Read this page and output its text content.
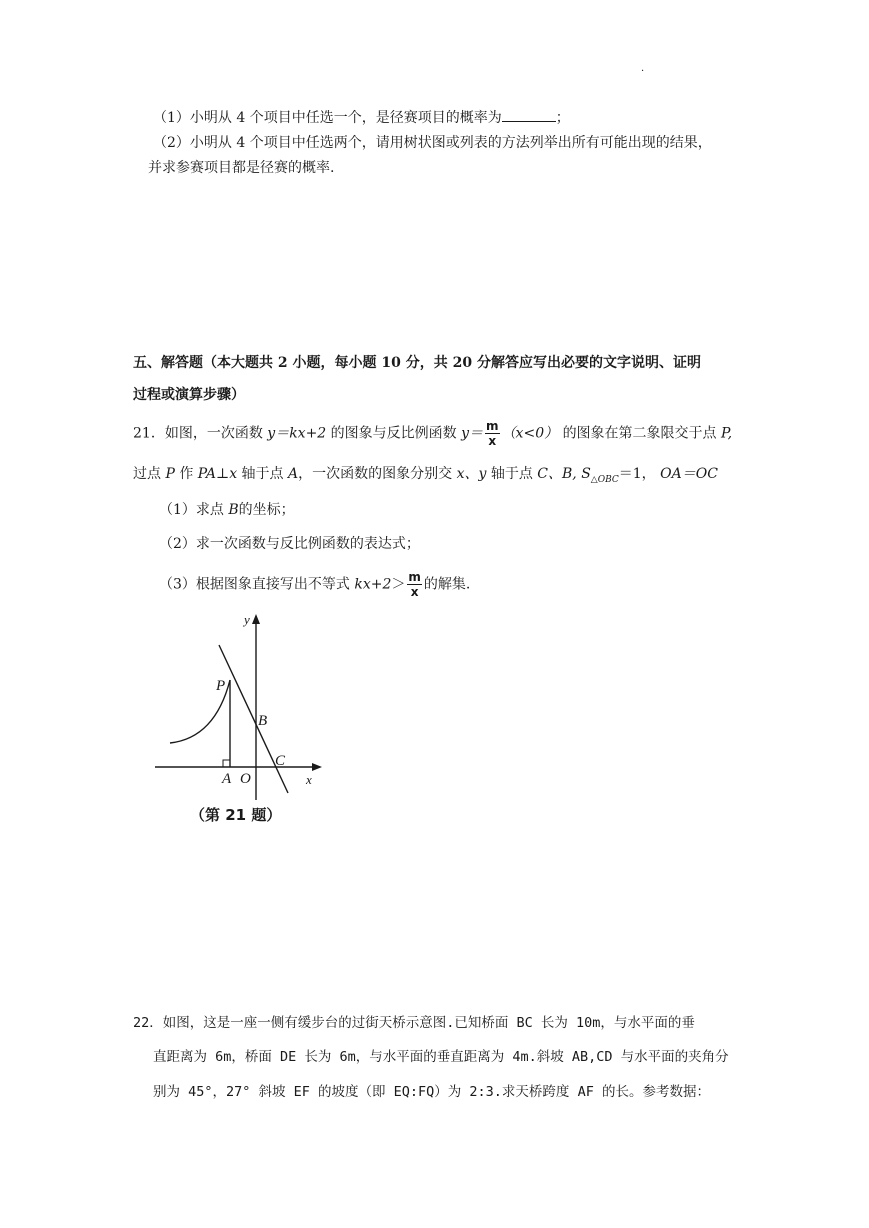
·
（1）小明从 4 个项目中任选一个，是径赛项目的概率为	；
（2）小明从 4 个项目中任选两个，请用树状图或列表的方法列举出所有可能出现的结果，
并求参赛项目都是径赛的概率.
五、解答题（本大题共 2 小题，每小题 10 分，共 20 分解答应写出必要的文字说明、证明
过程或演算步骤）
21．如图，一次函数 y＝kx+2 的图象与反比例函数 $y= \frac{m}{x} (x<0)$ 的图象在第二象限交于点 P,
过点 P 作 PA⊥x 轴于点 A，一次函数的图象分别交 x、y 轴于点 C、B, $S_{\triangle OBC}=1$， OA＝OC
（1）求点 B的坐标；
（2）求一次函数与反比例函数的表达式；
（3）根据图象直接写出不等式 $kx+2> \frac{m}{x}$ 的解集.
y
P
B
C
A O	x
（第 21 题）
22．如图，这是一座一侧有缓步台的过街天桥示意图.已知桥面 BC 长为 10m，与水平面的垂
直距离为 6m，桥面 DE 长为 6m，与水平面的垂直距离为 4m.斜坡 AB,CD 与水平面的夹角分
别为 45°，27° 斜坡 EF 的坡度（即 EQ:FQ）为 2:3.求天桥跨度 AF 的长。参考数据：
